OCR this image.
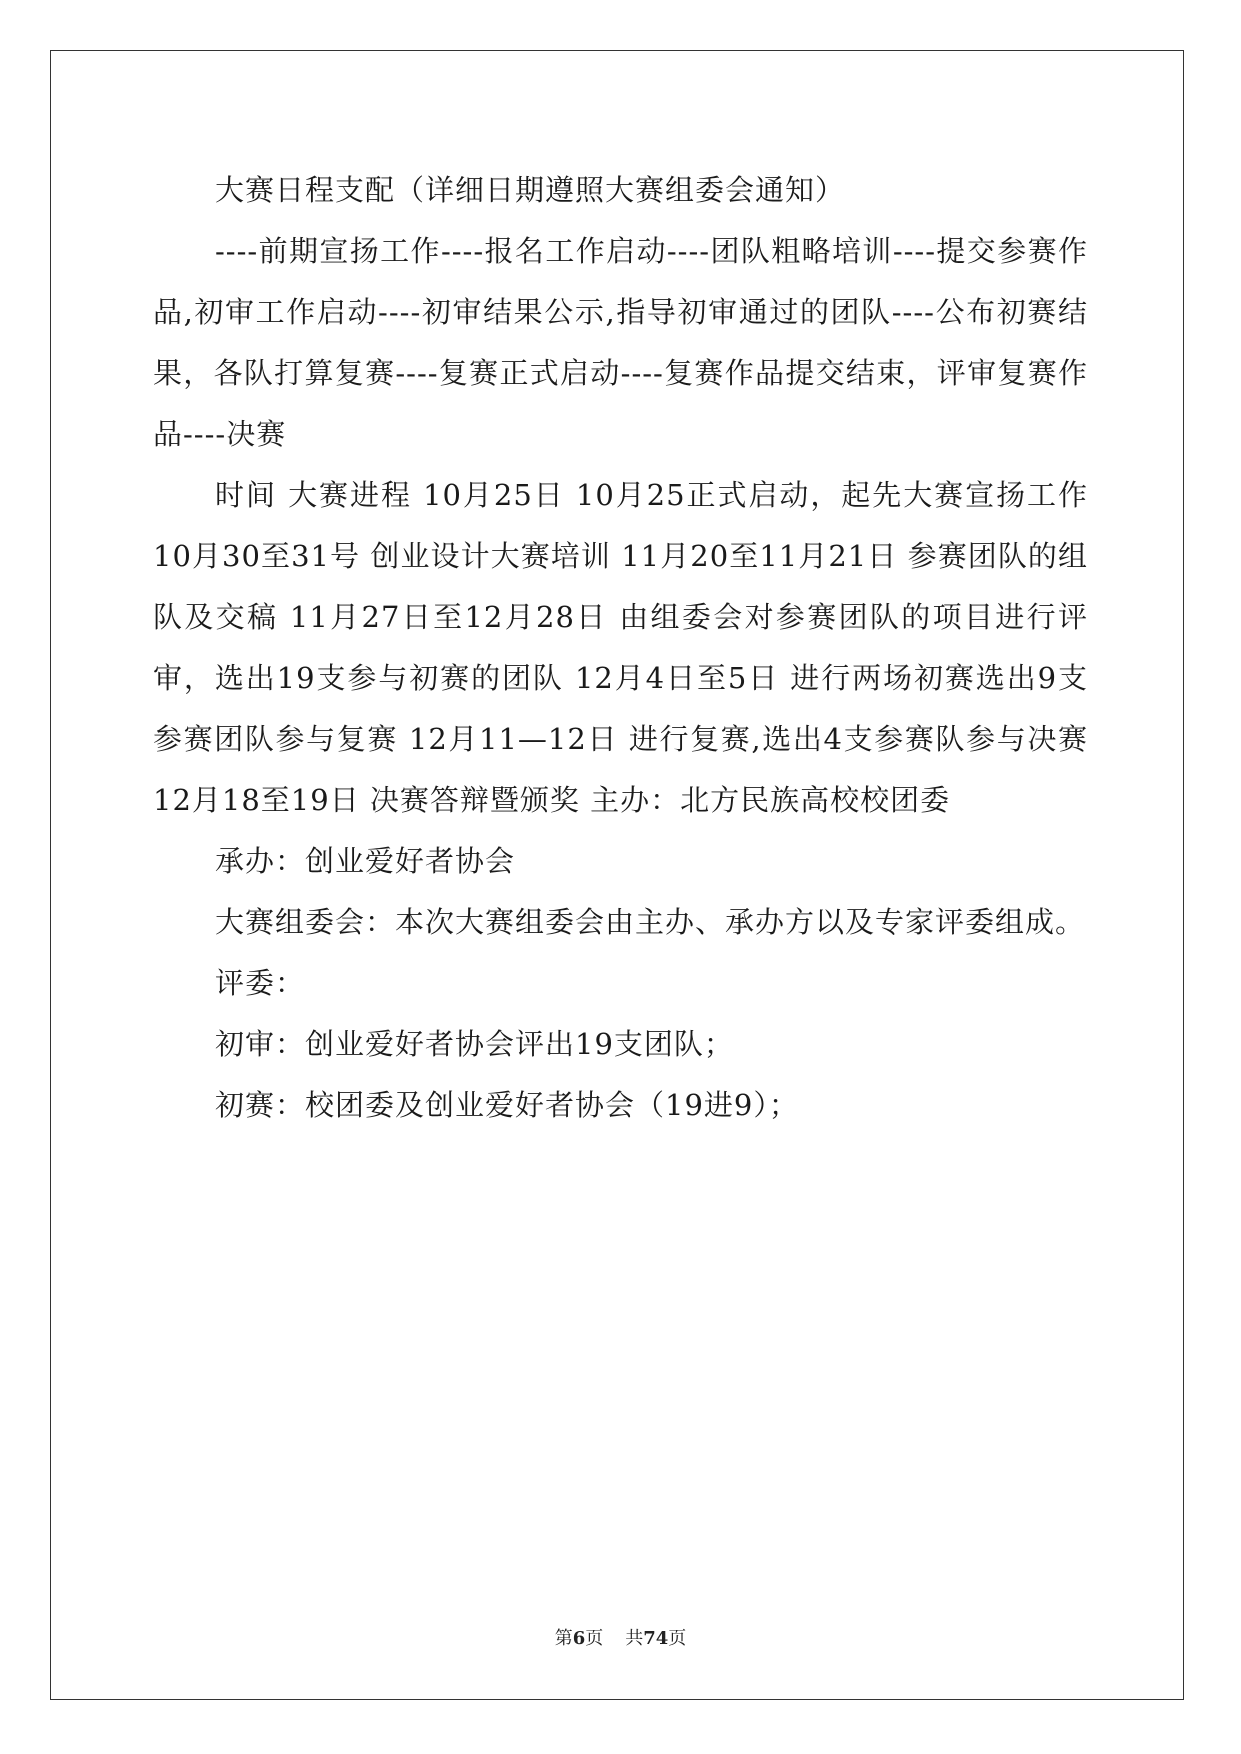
大赛日程支配（详细日期遵照大赛组委会通知）

----前期宣扬工作----报名工作启动----团队粗略培训----提交参赛作品,初审工作启动----初审结果公示,指导初审通过的团队----公布初赛结果，各队打算复赛----复赛正式启动----复赛作品提交结束，评审复赛作品----决赛

时间 大赛进程 10月25日 10月25正式启动，起先大赛宣扬工作 10月30至31号 创业设计大赛培训 11月20至11月21日 参赛团队的组队及交稿 11月27日至12月28日 由组委会对参赛团队的项目进行评审，选出19支参与初赛的团队 12月4日至5日 进行两场初赛选出9支参赛团队参与复赛 12月11—12日 进行复赛,选出4支参赛队参与决赛 12月18至19日 决赛答辩暨颁奖 主办：北方民族高校校团委

承办：创业爱好者协会

大赛组委会：本次大赛组委会由主办、承办方以及专家评委组成。

评委：

初审：创业爱好者协会评出19支团队；

初赛：校团委及创业爱好者协会（19进9）；

第6页 共74页
